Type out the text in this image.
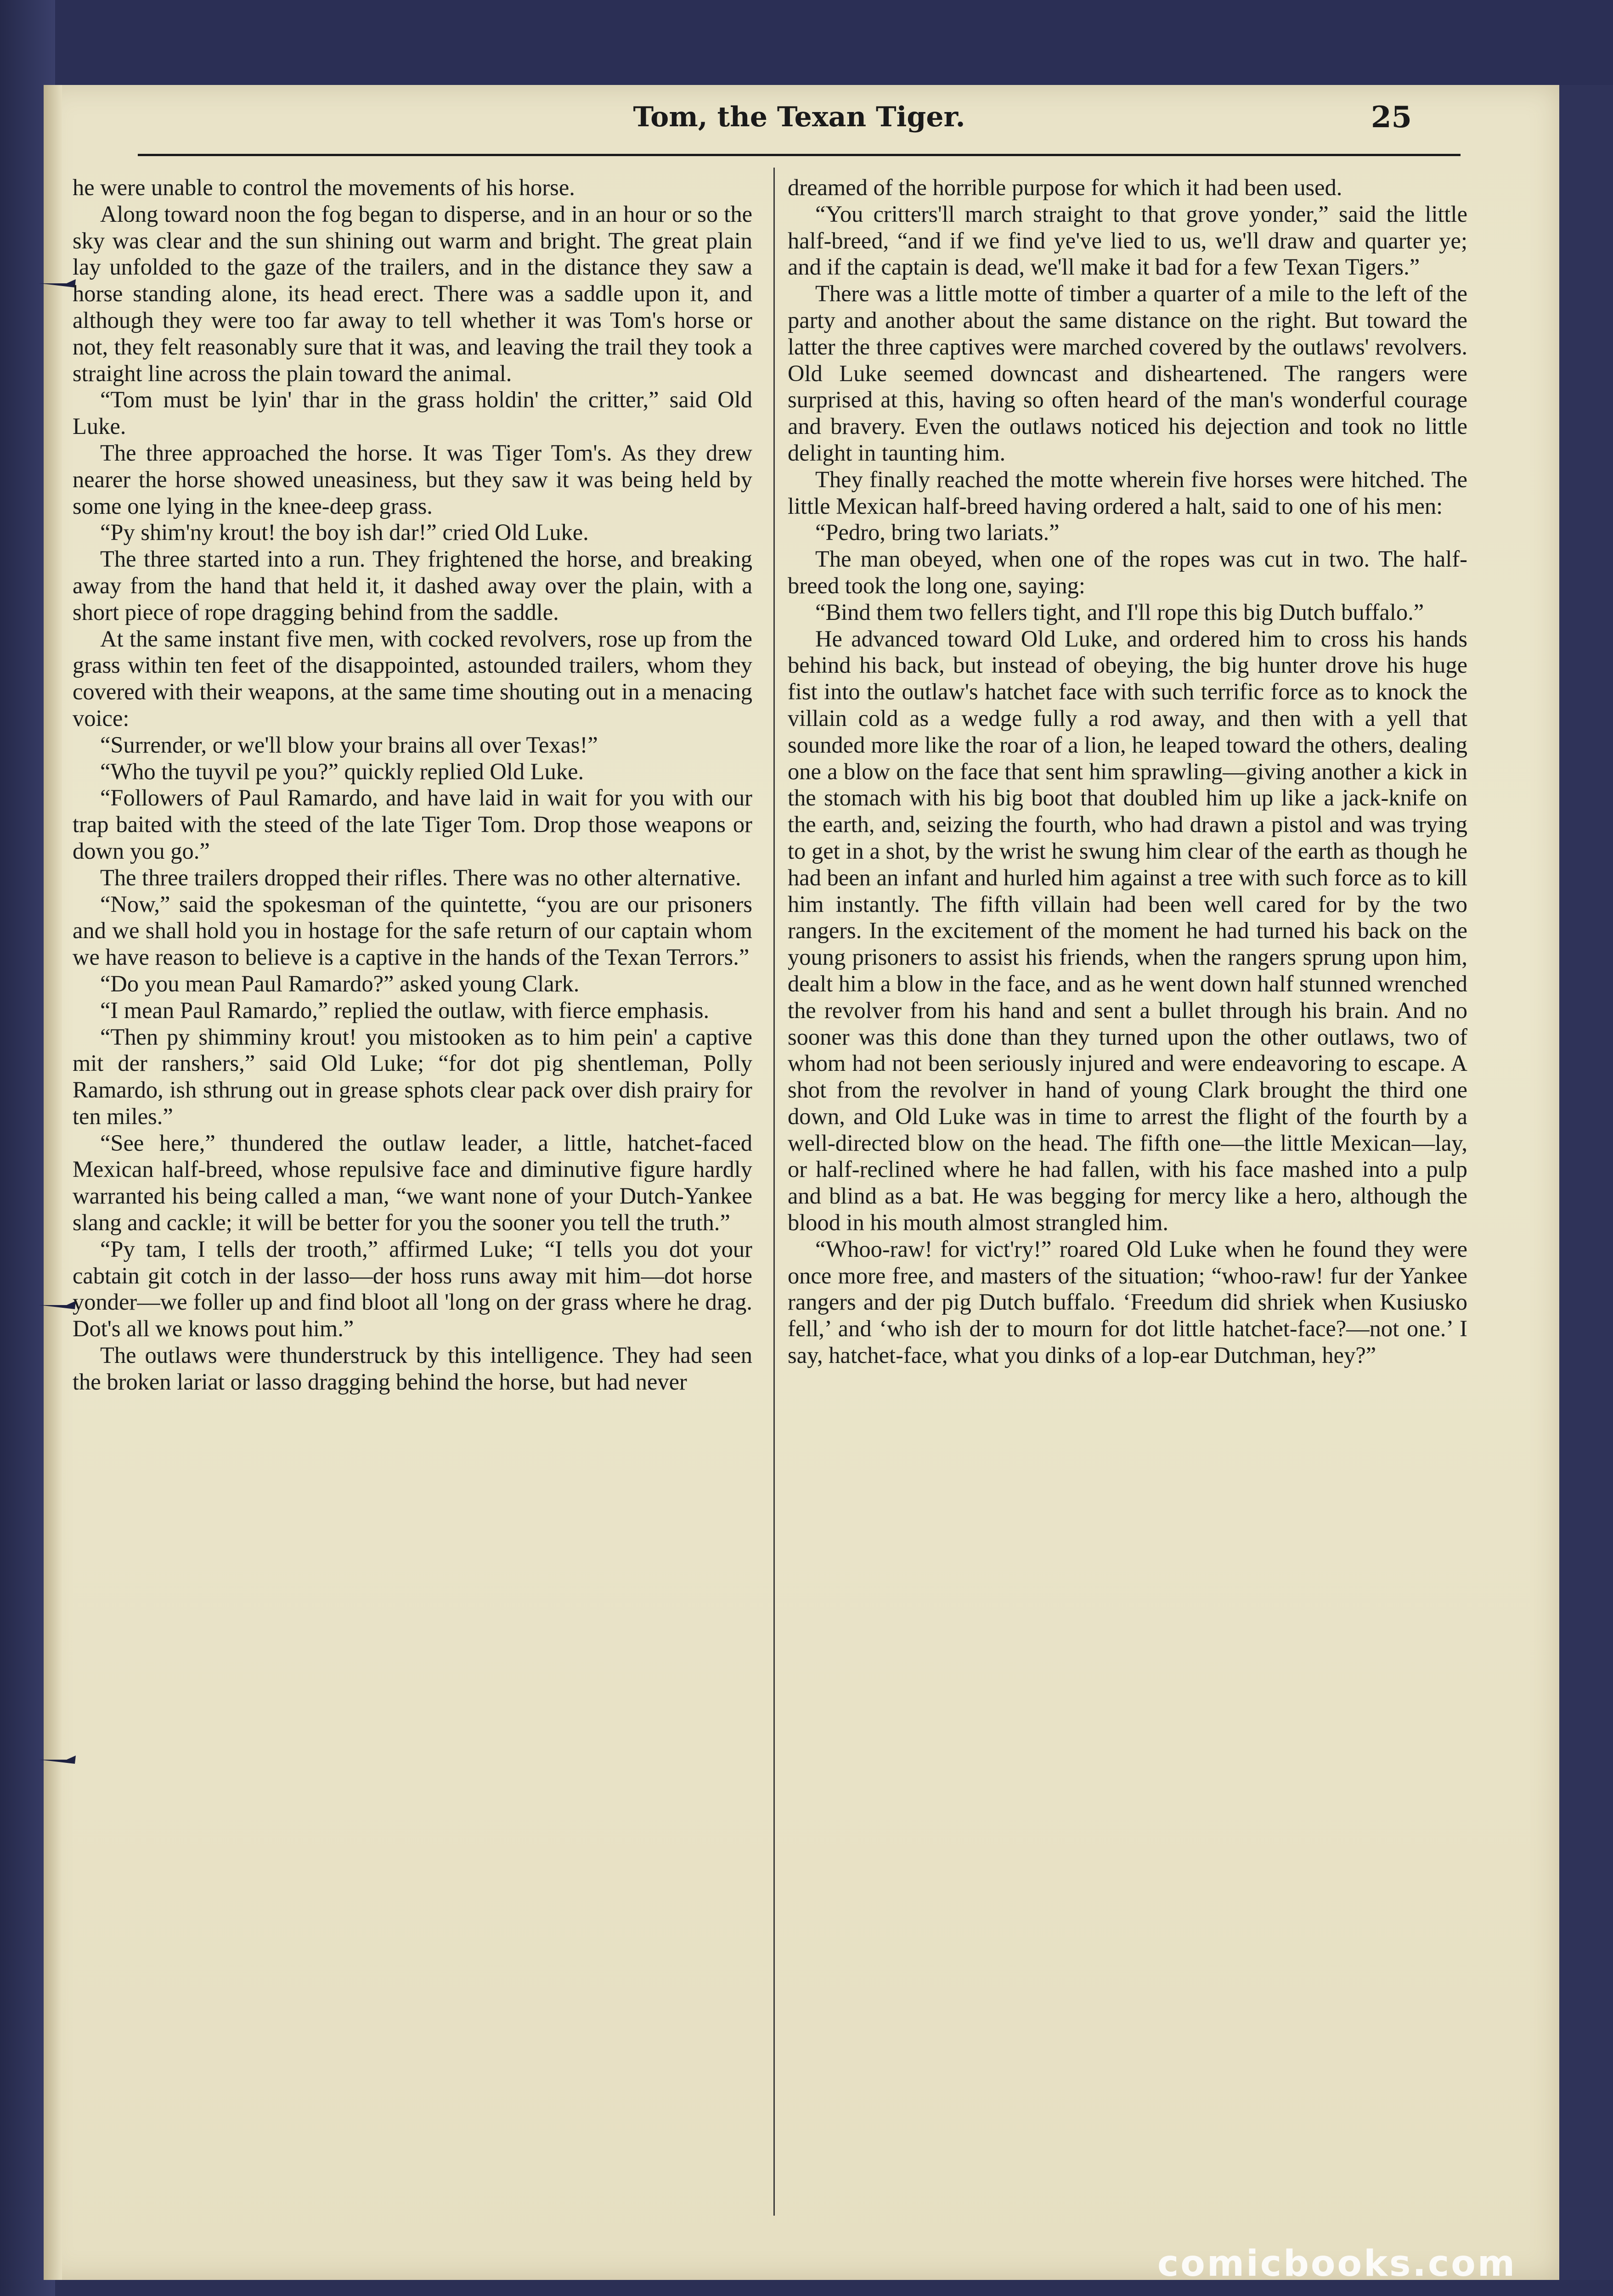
Tom, the Texan Tiger.	25

he were unable to control the movements of his horse.

Along toward noon the fog began to disperse, and in an hour or so the sky was clear and the sun shining out warm and bright. The great plain lay unfolded to the gaze of the trailers, and in the distance they saw a horse standing alone, its head erect. There was a saddle upon it, and although they were too far away to tell whether it was Tom's horse or not, they felt reasonably sure that it was, and leaving the trail they took a straight line across the plain toward the animal.

“Tom must be lyin' thar in the grass holdin' the critter,” said Old Luke.

The three approached the horse. It was Tiger Tom's. As they drew nearer the horse showed uneasiness, but they saw it was being held by some one lying in the knee-deep grass.

“Py shim'ny krout! the boy ish dar!” cried Old Luke.

The three started into a run. They frightened the horse, and breaking away from the hand that held it, it dashed away over the plain, with a short piece of rope dragging behind from the saddle.

At the same instant five men, with cocked revolvers, rose up from the grass within ten feet of the disappointed, astounded trailers, whom they covered with their weapons, at the same time shouting out in a menacing voice:

“Surrender, or we'll blow your brains all over Texas!”

“Who the tuyvil pe you?” quickly replied Old Luke.

“Followers of Paul Ramardo, and have laid in wait for you with our trap baited with the steed of the late Tiger Tom. Drop those weapons or down you go.”

The three trailers dropped their rifles. There was no other alternative.

“Now,” said the spokesman of the quintette, “you are our prisoners and we shall hold you in hostage for the safe return of our captain whom we have reason to believe is a captive in the hands of the Texan Terrors.”

“Do you mean Paul Ramardo?” asked young Clark.

“I mean Paul Ramardo,” replied the outlaw, with fierce emphasis.

“Then py shimminy krout! you mistooken as to him pein' a captive mit der ranshers,” said Old Luke; “for dot pig shentleman, Polly Ramardo, ish sthrung out in grease sphots clear pack over dish prairy for ten miles.”

“See here,” thundered the outlaw leader, a little, hatchet-faced Mexican half-breed, whose repulsive face and diminutive figure hardly warranted his being called a man, “we want none of your Dutch-Yankee slang and cackle; it will be better for you the sooner you tell the truth.”

“Py tam, I tells der trooth,” affirmed Luke; “I tells you dot your cabtain git cotch in der lasso—der hoss runs away mit him—dot horse yonder—we foller up and find bloot all 'long on der grass where he drag. Dot's all we knows pout him.”

The outlaws were thunderstruck by this intelligence. They had seen the broken lariat or lasso dragging behind the horse, but had never

dreamed of the horrible purpose for which it had been used.

“You critters'll march straight to that grove yonder,” said the little half-breed, “and if we find ye've lied to us, we'll draw and quarter ye; and if the captain is dead, we'll make it bad for a few Texan Tigers.”

There was a little motte of timber a quarter of a mile to the left of the party and another about the same distance on the right. But toward the latter the three captives were marched covered by the outlaws' revolvers. Old Luke seemed downcast and disheartened. The rangers were surprised at this, having so often heard of the man's wonderful courage and bravery. Even the outlaws noticed his dejection and took no little delight in taunting him.

They finally reached the motte wherein five horses were hitched. The little Mexican half-breed having ordered a halt, said to one of his men:

“Pedro, bring two lariats.”

The man obeyed, when one of the ropes was cut in two. The half-breed took the long one, saying:

“Bind them two fellers tight, and I'll rope this big Dutch buffalo.”

He advanced toward Old Luke, and ordered him to cross his hands behind his back, but instead of obeying, the big hunter drove his huge fist into the outlaw's hatchet face with such terrific force as to knock the villain cold as a wedge fully a rod away, and then with a yell that sounded more like the roar of a lion, he leaped toward the others, dealing one a blow on the face that sent him sprawling—giving another a kick in the stomach with his big boot that doubled him up like a jack-knife on the earth, and, seizing the fourth, who had drawn a pistol and was trying to get in a shot, by the wrist he swung him clear of the earth as though he had been an infant and hurled him against a tree with such force as to kill him instantly. The fifth villain had been well cared for by the two rangers. In the excitement of the moment he had turned his back on the young prisoners to assist his friends, when the rangers sprung upon him, dealt him a blow in the face, and as he went down half stunned wrenched the revolver from his hand and sent a bullet through his brain. And no sooner was this done than they turned upon the other outlaws, two of whom had not been seriously injured and were endeavoring to escape. A shot from the revolver in hand of young Clark brought the third one down, and Old Luke was in time to arrest the flight of the fourth by a well-directed blow on the head. The fifth one—the little Mexican—lay, or half-reclined where he had fallen, with his face mashed into a pulp and blind as a bat. He was begging for mercy like a hero, although the blood in his mouth almost strangled him.

“Whoo-raw! for vict'ry!” roared Old Luke when he found they were once more free, and masters of the situation; “whoo-raw! fur der Yankee rangers and der pig Dutch buffalo. ‘Freedum did shriek when Kusiusko fell,’ and ‘who ish der to mourn for dot little hatchet-face?—not one.’ I say, hatchet-face, what you dinks of a lop-ear Dutchman, hey?”

comicbooks.com
